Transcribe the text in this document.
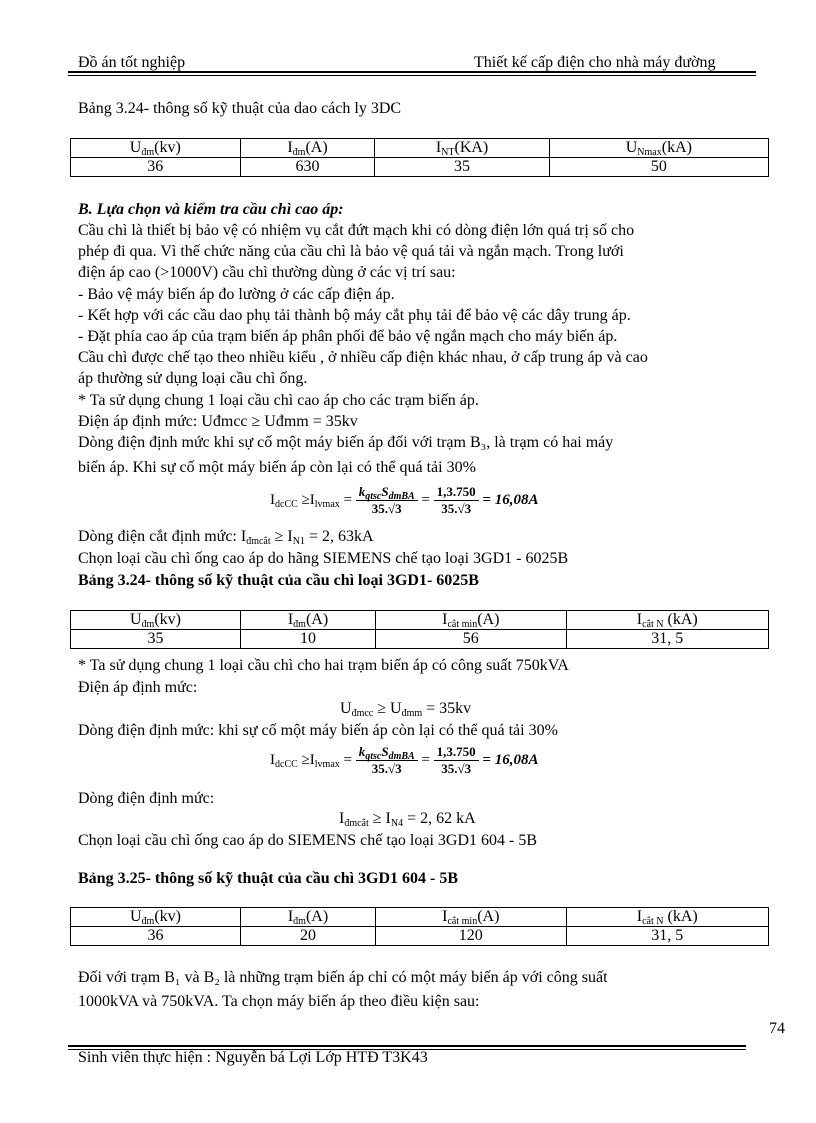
Đồ án tốt nghiệp	Thiết kế cấp điện cho nhà máy đường
Bảng 3.24- thông số kỹ thuật của dao cách ly 3DC
$U_{đm}(kv)$	$I_{đm}(A)$	$I_{NT}(KA)$	$U_{Nmax}(kA)$
36	630	35	50
B. Lựa chọn và kiểm tra cầu chì cao áp:
Cầu chì là thiết bị bảo vệ có nhiệm vụ cắt đứt mạch khi có dòng điện lớn quá trị số cho
phép đi qua. Vì thế chức năng của cầu chì là bảo vệ quá tải và ngắn mạch. Trong lưới
điện áp cao (>1000V) cầu chì thường dùng ở các vị trí sau:
- Bảo vệ máy biến áp đo lường ở các cấp điện áp.
- Kết hợp với các cầu dao phụ tải thành bộ máy cắt phụ tải để bảo vệ các dây trung áp.
- Đặt phía cao áp của trạm biến áp phân phối để bảo vệ ngắn mạch cho máy biến áp.
Cầu chì được chế tạo theo nhiều kiểu , ở nhiều cấp điện khác nhau, ở cấp trung áp và cao
áp thường sử dụng loại cầu chì ống.
* Ta sử dụng chung 1 loại cầu chì cao áp cho các trạm biến áp.
Điện áp định mức: Uđmcc ≥ Uđmm = 35kv
Dòng điện định mức khi sự cố một máy biến áp đối với trạm B₃, là trạm có hai máy
biến áp. Khi sự cố một máy biến áp còn lại có thể quá tải 30%
$I_{dcCC} \ge I_{lvmax} = \frac{k_{qtsc}S_{dmBA}}{35.√3} = \frac{1,3.750}{35.√3} = 16,08A$
Dòng điện cắt định mức: $I_{đmcắt} \ge I_{N1} = 2$, 63kA
Chọn loại cầu chì ống cao áp do hãng SIEMENS chế tạo loại 3GD1 - 6025B
Bảng 3.24- thông số kỹ thuật của cầu chì loại 3GD1- 6025B
$U_{đm}(kv)$	$I_{đm}(A)$	$I_{cắt min}(A)$	$I_{cắt N}$ (kA)
35	10	56	31, 5
* Ta sử dụng chung 1 loại cầu chì cho hai trạm biến áp có công suất 750kVA
Điện áp định mức:
$U_{đmcc} \ge U_{đmm} = 35kv$
Dòng điện định mức: khi sự cố một máy biến áp còn lại có thể quá tải 30%
$I_{dcCC} \ge I_{lvmax} = \frac{k_{qtsc}S_{dmBA}}{35.√3} = \frac{1,3.750}{35.√3} = 16,08A$
Dòng điện định mức:
$I_{đmcắt} \ge I_{N4} = 2$, 62 kA
Chọn loại cầu chì ống cao áp do SIEMENS chế tạo loại 3GD1 604 - 5B
Bảng 3.25- thông số kỹ thuật của cầu chì 3GD1 604 - 5B
$U_{đm}(kv)$	$I_{đm}(A)$	$I_{cắt min}(A)$	$I_{cắt N}$ (kA)
36	20	120	31, 5
Đối với trạm B₁ và B₂ là những trạm biến áp chỉ có một máy biến áp với công suất
1000kVA và 750kVA. Ta chọn máy biến áp theo điều kiện sau:
74
Sinh viên thực hiện : Nguyễn bá Lợi Lớp HTĐ T3K43
